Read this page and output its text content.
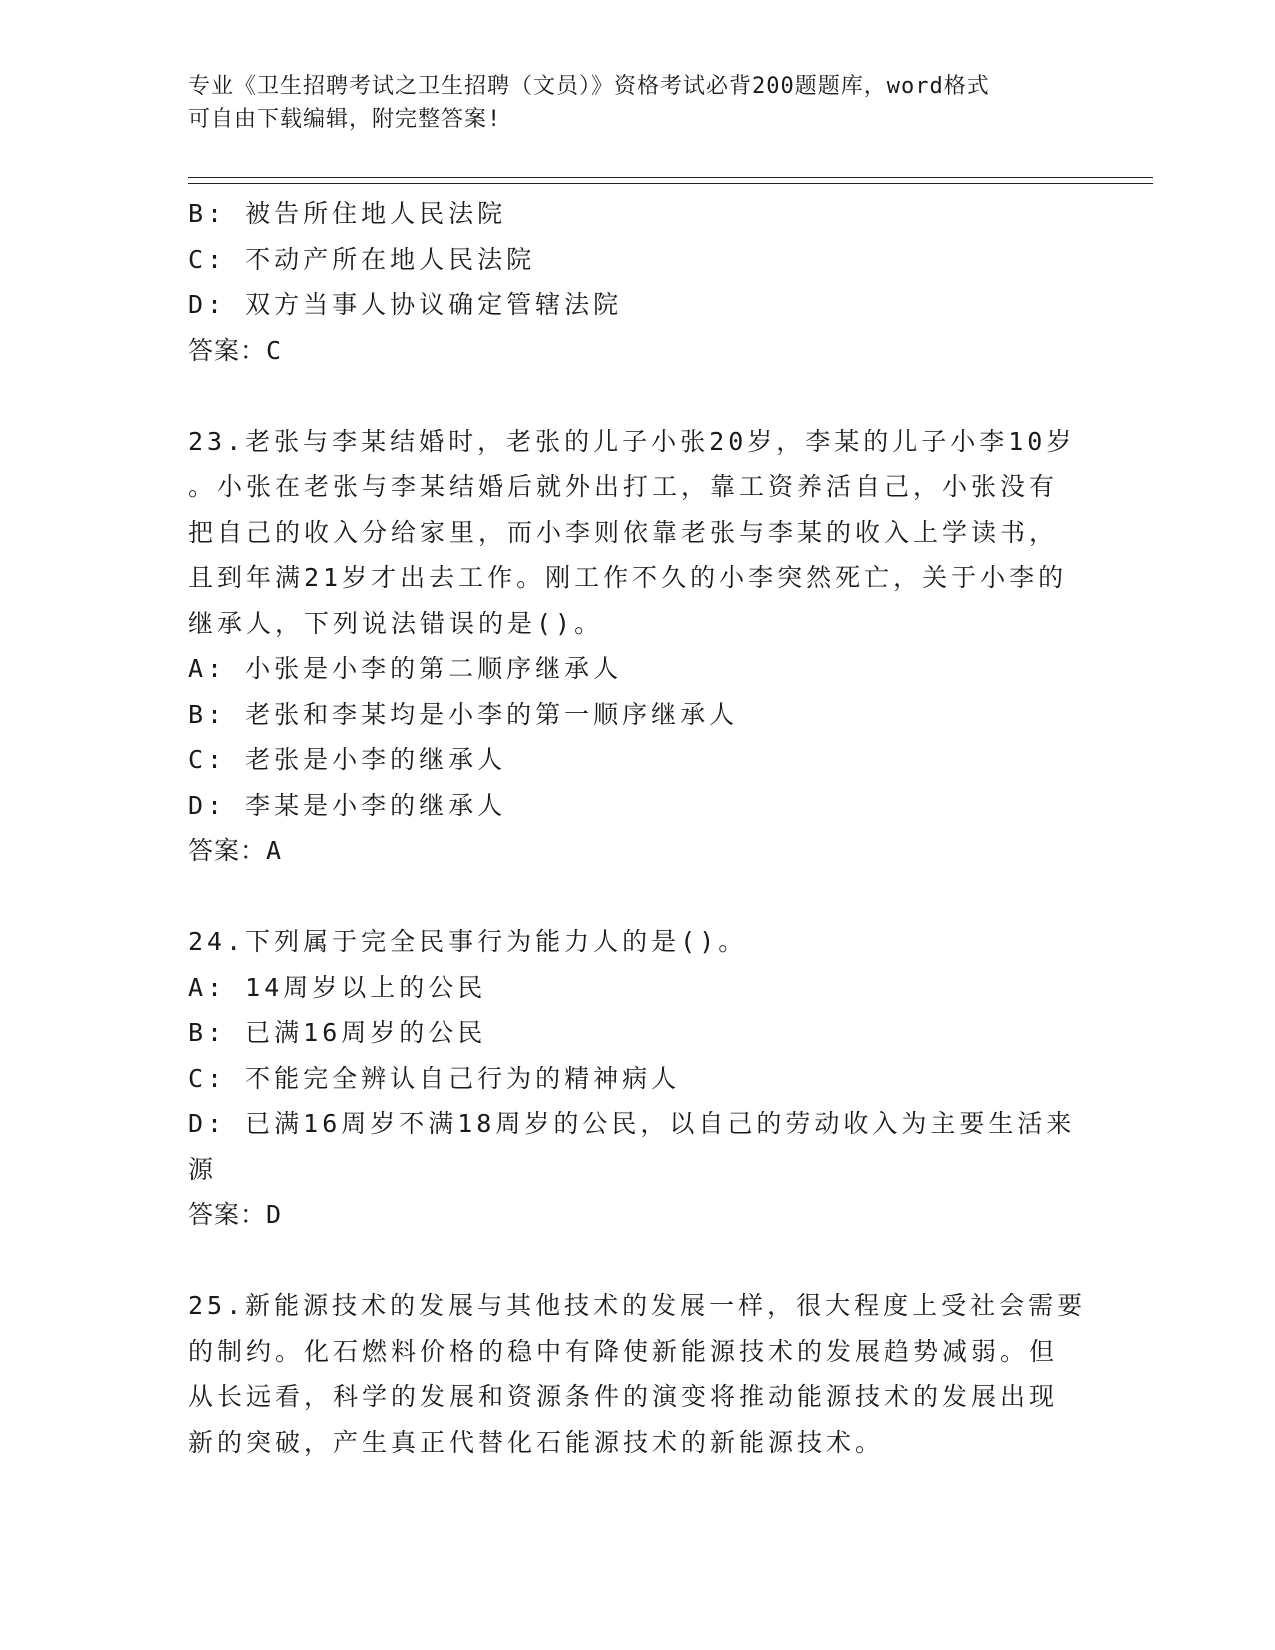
专业《卫生招聘考试之卫生招聘（文员）》资格考试必背200题题库，word格式
可自由下载编辑，附完整答案!
B: 被告所住地人民法院
C: 不动产所在地人民法院
D: 双方当事人协议确定管辖法院
答案：C
23.老张与李某结婚时，老张的儿子小张20岁，李某的儿子小李10岁
。小张在老张与李某结婚后就外出打工，靠工资养活自己，小张没有
把自己的收入分给家里，而小李则依靠老张与李某的收入上学读书，
且到年满21岁才出去工作。刚工作不久的小李突然死亡，关于小李的
继承人，下列说法错误的是()。
A: 小张是小李的第二顺序继承人
B: 老张和李某均是小李的第一顺序继承人
C: 老张是小李的继承人
D: 李某是小李的继承人
答案：A
24.下列属于完全民事行为能力人的是()。
A: 14周岁以上的公民
B: 已满16周岁的公民
C: 不能完全辨认自己行为的精神病人
D: 已满16周岁不满18周岁的公民，以自己的劳动收入为主要生活来
源
答案：D
25.新能源技术的发展与其他技术的发展一样，很大程度上受社会需要
的制约。化石燃料价格的稳中有降使新能源技术的发展趋势减弱。但
从长远看，科学的发展和资源条件的演变将推动能源技术的发展出现
新的突破，产生真正代替化石能源技术的新能源技术。
